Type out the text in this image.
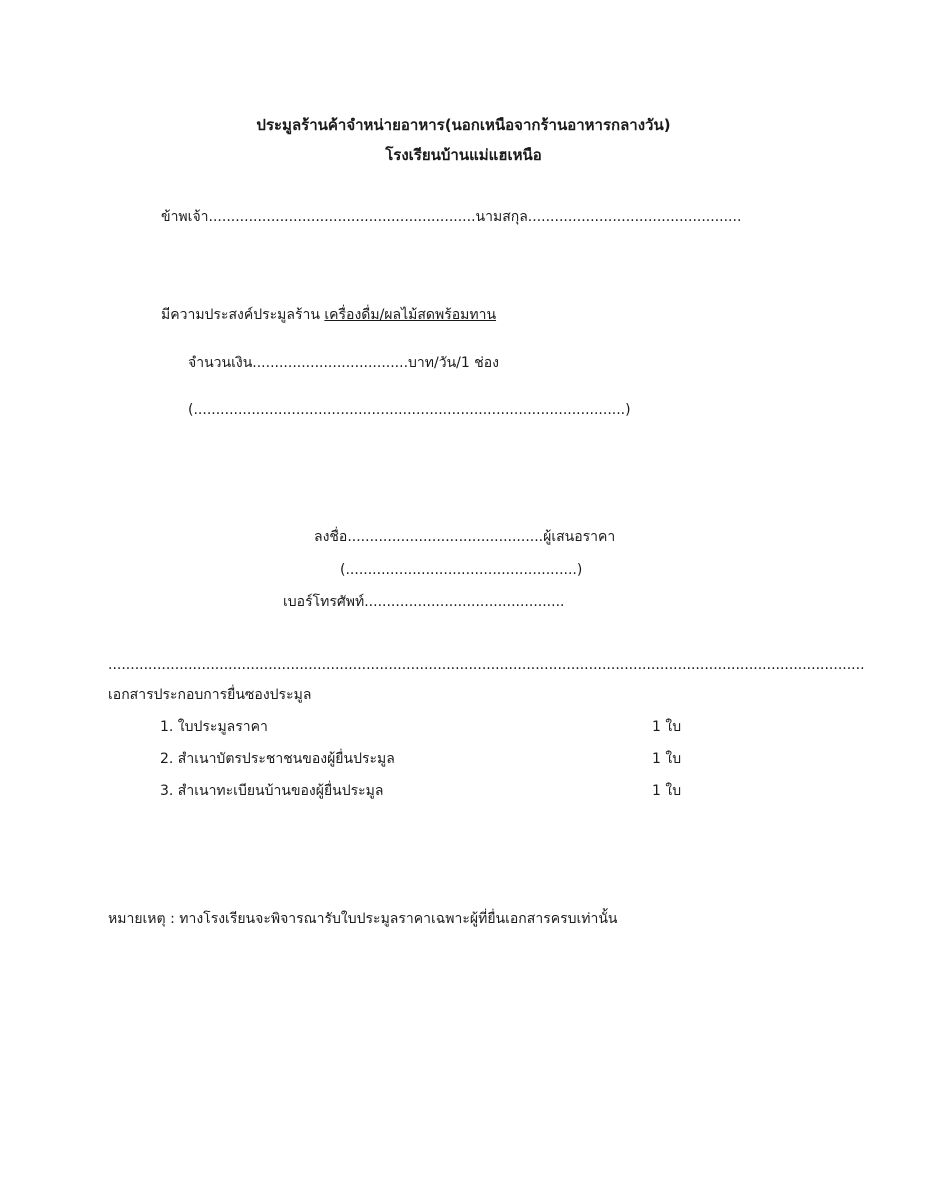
ประมูลร้านค้าจำหน่ายอาหาร(นอกเหนือจากร้านอาหารกลางวัน)
โรงเรียนบ้านแม่แฮเหนือ
ข้าพเจ้า............................................................นามสกุล................................................
มีความประสงค์ประมูลร้าน เครื่องดื่ม/ผลไม้สดพร้อมทาน
จำนวนเงิน...................................บาท/วัน/1 ช่อง
(.................................................................................................)
ลงชื่อ............................................ผู้เสนอราคา
(....................................................)
เบอร์โทรศัพท์.............................................
..........................................................................................................................................................................
เอกสารประกอบการยื่นซองประมูล
1. ใบประมูลราคา	1 ใบ
2. สำเนาบัตรประชาชนของผู้ยื่นประมูล	1 ใบ
3. สำเนาทะเบียนบ้านของผู้ยื่นประมูล	1 ใบ
หมายเหตุ : ทางโรงเรียนจะพิจารณารับใบประมูลราคาเฉพาะผู้ที่ยื่นเอกสารครบเท่านั้น
